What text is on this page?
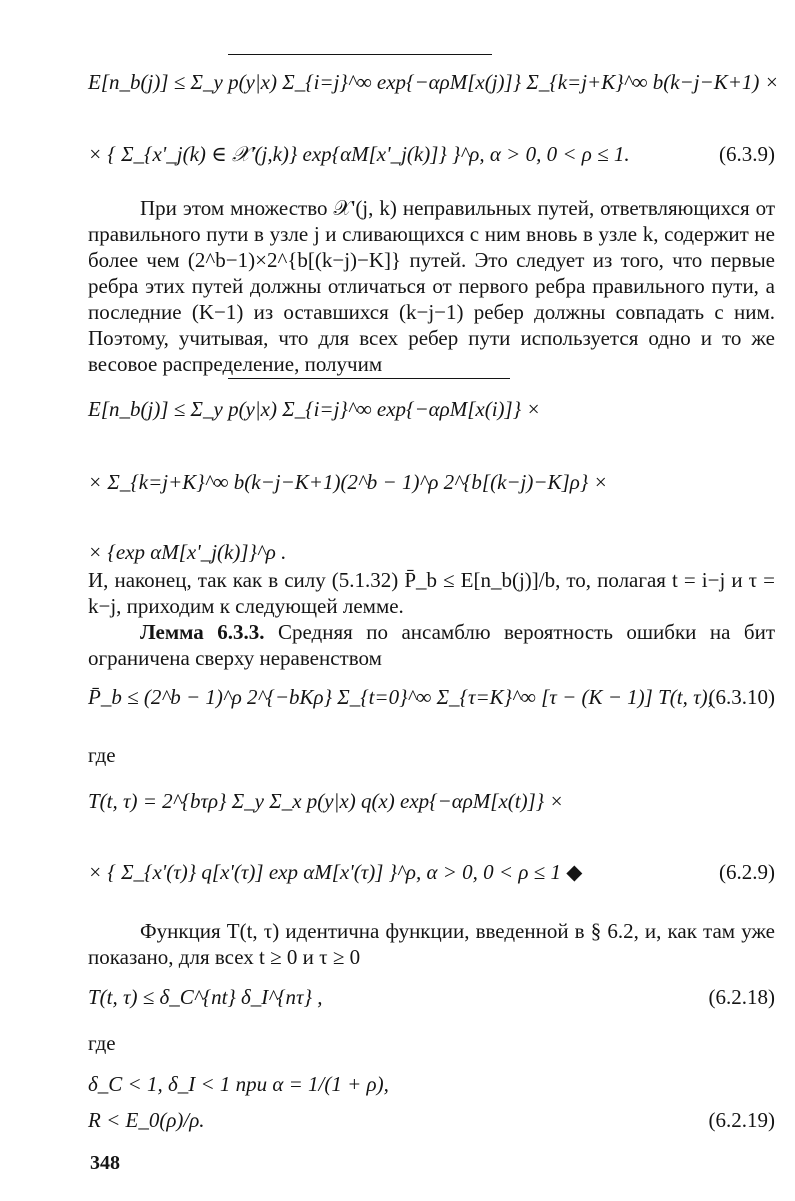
E[n_b(j)] ≤ Σ_y p(y|x) Σ_{i=j}^∞ exp{−αρM[x(j)]} Σ_{k=j+K}^∞ b(k−j−K+1) ×
× { Σ_{x'_j(k) ∈ 𝒳'(j,k)} exp{αM[x'_j(k)]} }^ρ, α > 0, 0 < ρ ≤ 1.	(6.3.9)
При этом множество 𝒳'(j, k) неправильных путей, ответвляющихся от правильного пути в узле j и сливающихся с ним вновь в узле k, содержит не более чем (2^b−1)×2^{b[(k−j)−K]} путей. Это следует из того, что первые ребра этих путей должны отличаться от первого ребра правильного пути, а последние (K−1) из оставшихся (k−j−1) ребер должны совпадать с ним. Поэтому, учитывая, что для всех ребер пути используется одно и то же весовое распределение, получим
E[n_b(j)] ≤ Σ_y p(y|x) Σ_{i=j}^∞ exp{−αρM[x(i)]} ×
× Σ_{k=j+K}^∞ b(k−j−K+1)(2^b − 1)^ρ 2^{b[(k−j)−K]ρ} ×
× {exp αM[x'_j(k)]}^ρ .
И, наконец, так как в силу (5.1.32) P̄_b ≤ E[n_b(j)]/b, то, полагая t = i−j и τ = k−j, приходим к следующей лемме.
Лемма 6.3.3. Средняя по ансамблю вероятность ошибки на бит ограничена сверху неравенством
P̄_b ≤ (2^b − 1)^ρ 2^{−bKρ} Σ_{t=0}^∞ Σ_{τ=K}^∞ [τ − (K − 1)] T(t, τ),
(6.3.10)
где
T(t, τ) = 2^{bτρ} Σ_y Σ_x p(y|x) q(x) exp{−αρM[x(t)]} ×
× { Σ_{x'(τ)} q[x'(τ)] exp αM[x'(τ)] }^ρ, α > 0, 0 < ρ ≤ 1 ◆	(6.2.9)
Функция T(t, τ) идентична функции, введенной в § 6.2, и, как там уже показано, для всех t ≥ 0 и τ ≥ 0
T(t, τ) ≤ δ_C^{nt} δ_I^{nτ} ,	(6.2.18)
где
δ_C < 1, δ_I < 1 при α = 1/(1 + ρ),
R < E_0(ρ)/ρ.	(6.2.19)
348
